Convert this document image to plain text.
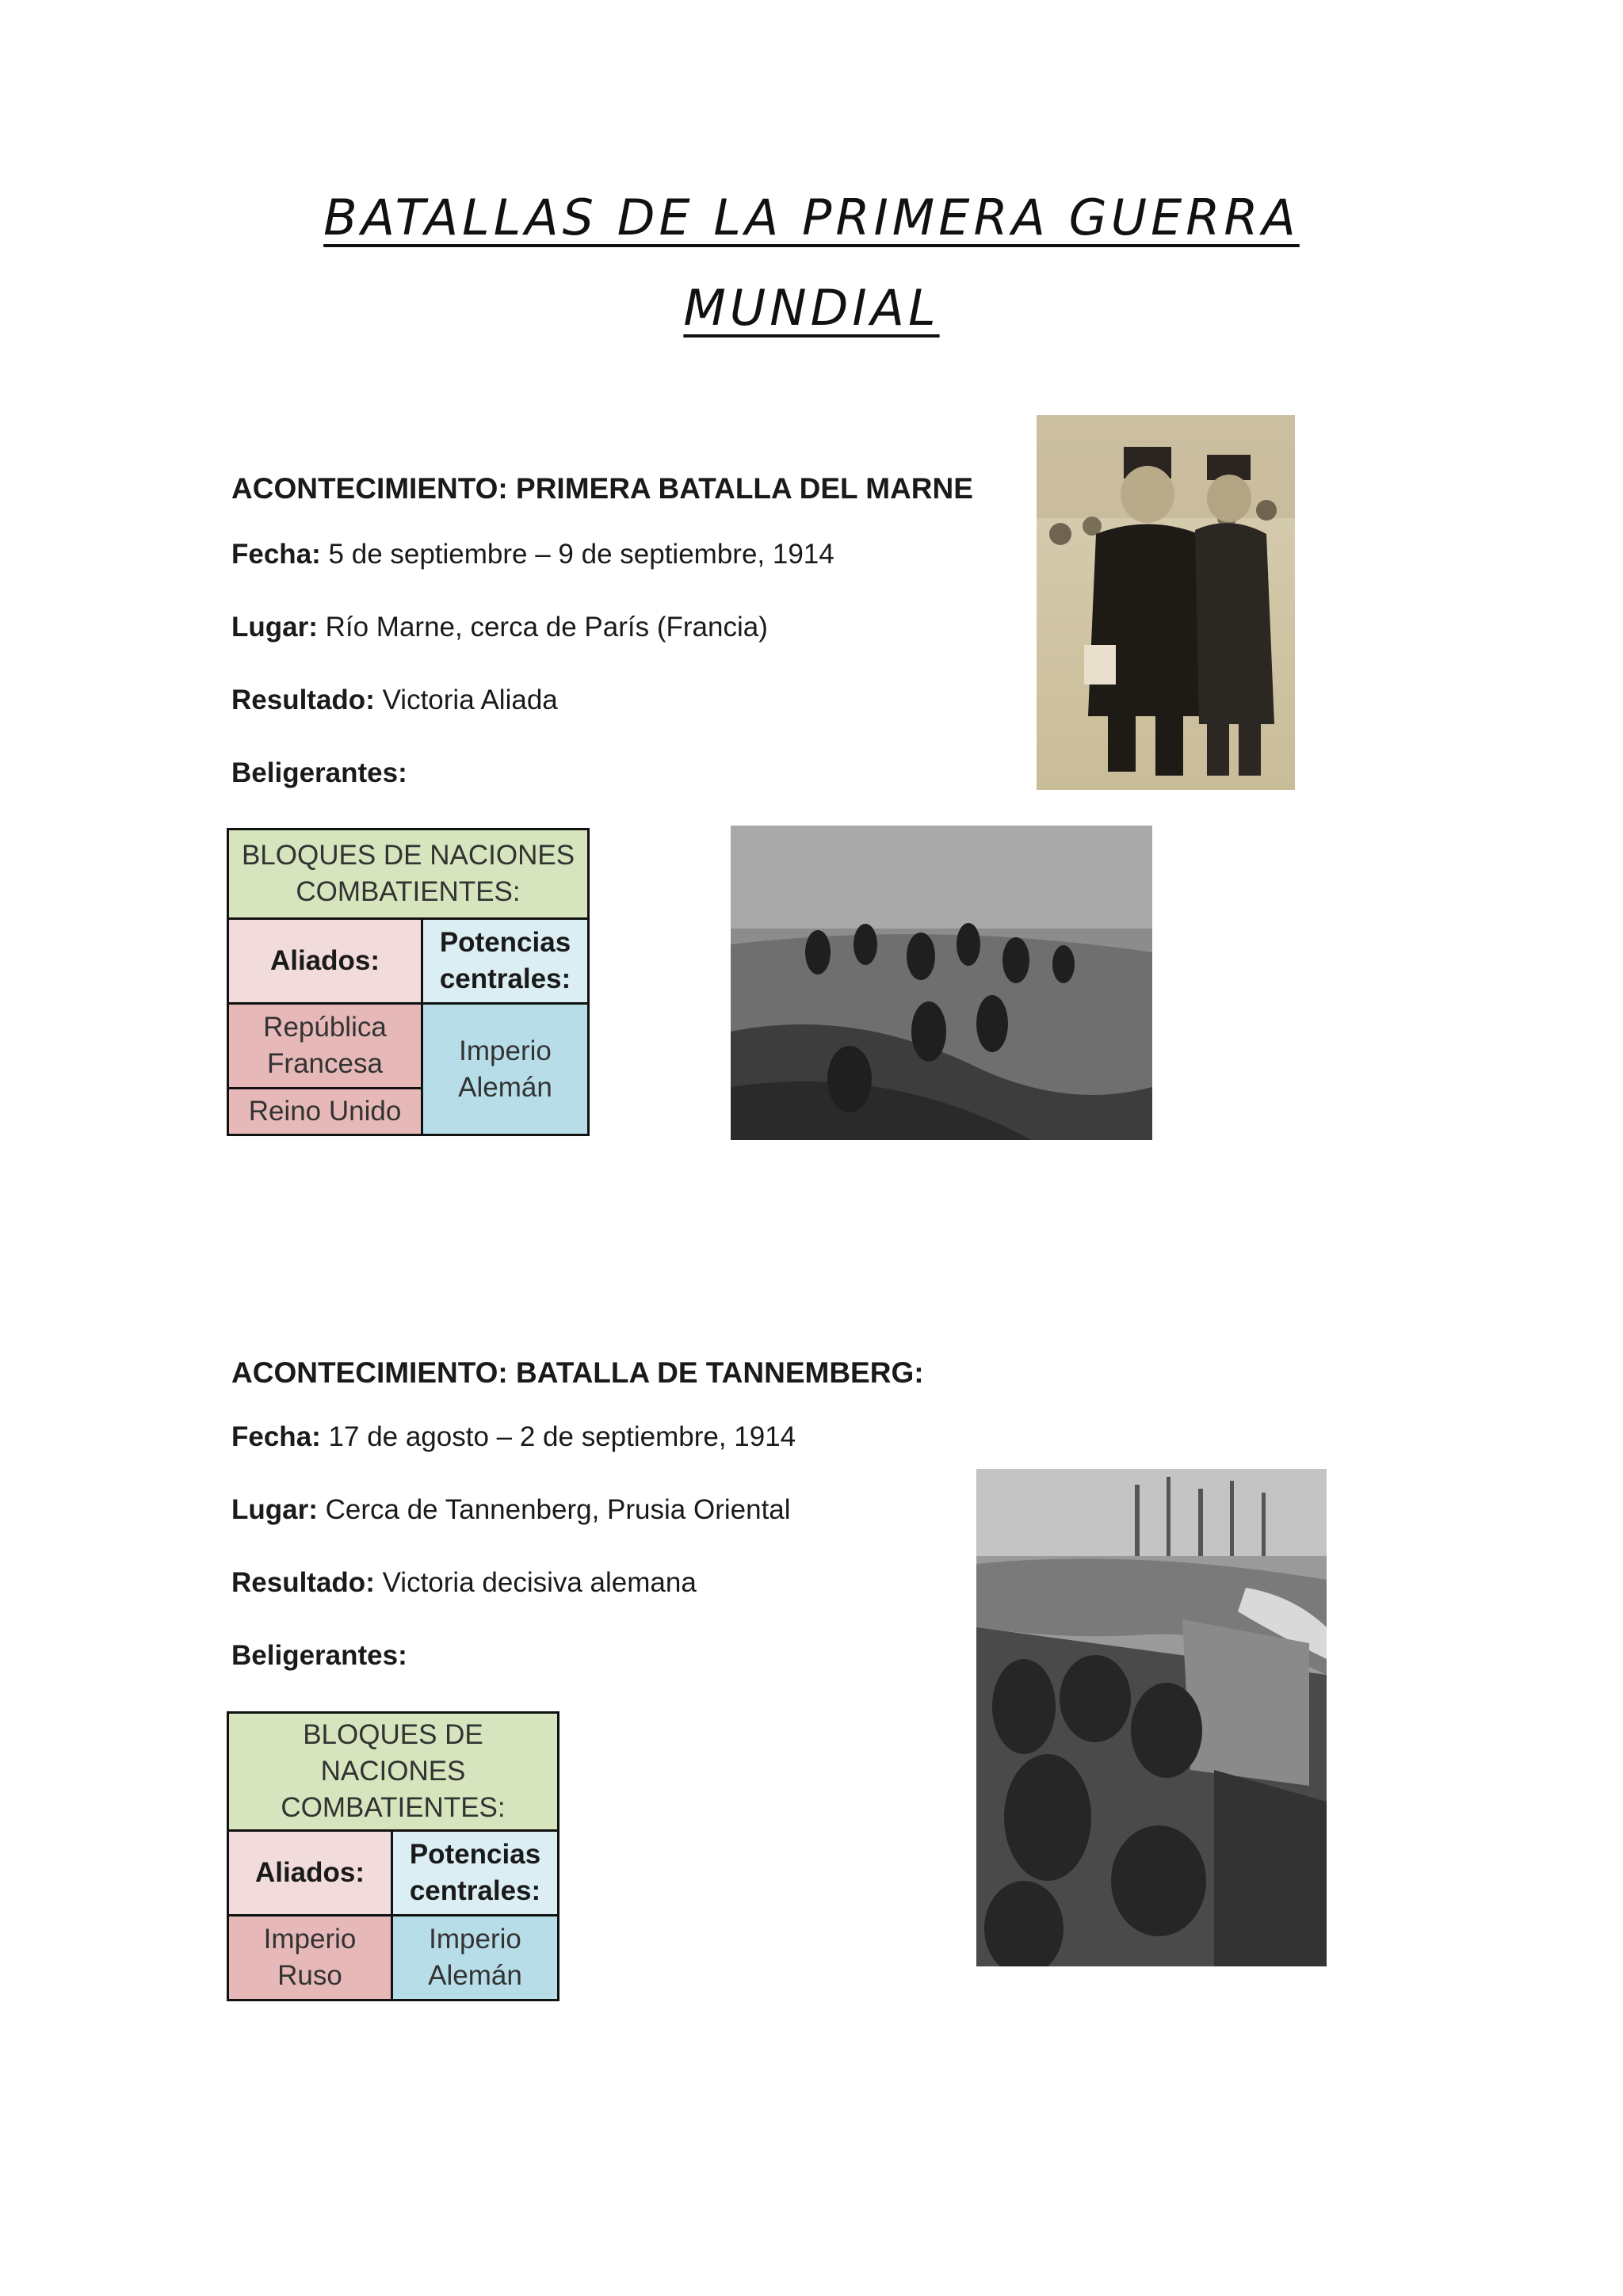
BATALLAS DE LA PRIMERA GUERRA
MUNDIAL
ACONTECIMIENTO: PRIMERA BATALLA DEL MARNE
Fecha: 5 de septiembre – 9 de septiembre, 1914
Lugar: Río Marne, cerca de París (Francia)
Resultado: Victoria Aliada
Beligerantes:
BLOQUES DE NACIONES COMBATIENTES:	
Aliados:	Potencias centrales:
República Francesa	Imperio Alemán
Reino Unido	
ACONTECIMIENTO: BATALLA DE TANNEMBERG:
Fecha: 17 de agosto – 2 de septiembre, 1914
Lugar: Cerca de Tannenberg, Prusia Oriental
Resultado: Victoria decisiva alemana
Beligerantes:
BLOQUES DE NACIONES COMBATIENTES:	
Aliados:	Potencias centrales:
Imperio Ruso	Imperio Alemán
